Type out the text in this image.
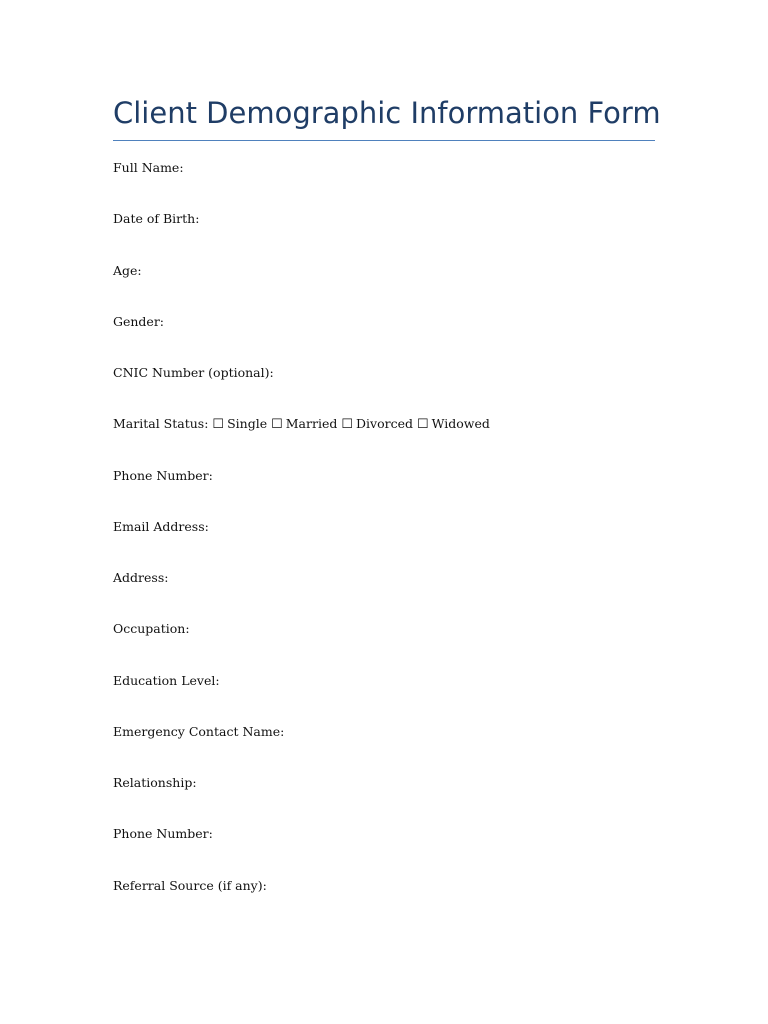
Client Demographic Information Form
Full Name:
Date of Birth:
Age:
Gender:
CNIC Number (optional):
Marital Status: ☐ Single ☐ Married ☐ Divorced ☐ Widowed
Phone Number:
Email Address:
Address:
Occupation:
Education Level:
Emergency Contact Name:
Relationship:
Phone Number:
Referral Source (if any):
